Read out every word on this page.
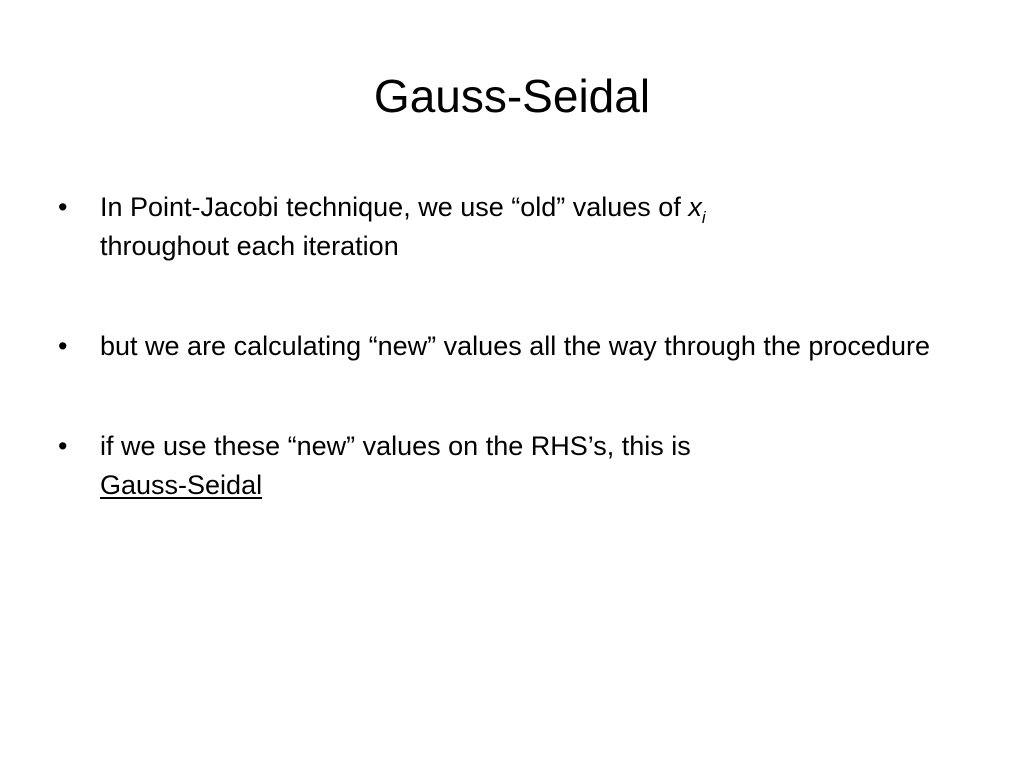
Gauss-Seidal
• In Point-Jacobi technique, we use “old” values of $x_i$
throughout each iteration
• but we are calculating “new” values all the way through the procedure
• if we use these “new” values on the RHS’s, this is
Gauss-Seidal
